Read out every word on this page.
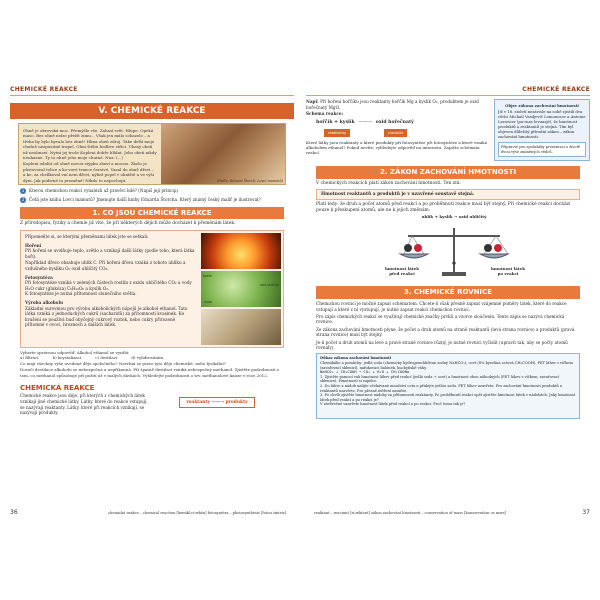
CHEMICKÉ REAKCE
V. CHEMICKÉ REAKCE
Ohně je obrovská moc. Přemýšle vše. Zahasí svět. Hlupe. Opeká maso. Bez ohně nelze přežít zimu... Však jen málo schazelo – a třeba by bylo byvalo bez ohně! Hlina oheň zdroj. Take delší moje chuťně nezpusitné trapel. Ohni štěbu bedlive stříci. Uhasý oheň už neobnoví. Nytni jej troše Kopleni dobře hlídat. Jeho oheň nikdy neuhasne. Ty to ohně jeho moje chutné. Nuz: (...)
Kopleni odoltá od ohně novou stýpku zbaví a mocno. Zkolo je půstovoval tolice a ko-vové trnece čerstvé. Vazal do ohně dřevi – a ke, za chvílkoval vní neni dřevi, nýbrž popel v ohniště a ve výši dým. Jak podivné to proměné! Nikdo to nepochopí.	(Podle: Eduard Štorch: Lovci mamutů)
1	Kterou chemickou reakci vynalézli už pravěcí lidé? (Napiš její princip)
2	Četli jste knihu Lovci mamutů? Jmenujte další knihy Eduarda Štorcha. Který známý český malíř je ilustroval?
1. CO JSOU CHEMICKÉ REAKCE
Z přírodopisu, fyziky a chemie již víte, že při některých dějích může docházet k přeměnám látek.
Připomeňte si, se kterými přeměnami látek jste se setkali:
Hoření
Při hoření se uvolňuje teplo, světlo a vznikají další látky (podle toho, která látka hoří).
Například dřevo obsahuje uhlík C. Při hoření dřeva vzniká z tohoto uhlíku a vzdušného kyslíku O₂ oxid uhličitý CO₂.
Fotosyntéza
Při fotosyntéze vzniká v zelených částech rostlin z oxidu uhličitého CO₂ a vody H₂O cukr (glukóza) C₆H₁₂O₆ a kyslík O₂.
K fotosyntéze je nutná přítomnost slunečního světla.
Výroba alkoholu
Základní surovinou pro výrobu alkoholických nápojů je alkohol ethanol. Tato látka vzniká z jednoduchých cukrů (sacharidů) za přítomnosti kvasinek. Ke kvašení se používá buď obyčejný cukrový roztok, nebo cukry přirozeně přítomné v ovoci, hroznech a dalších látek.
kyslík
oxid uhličitý
voda
Vyberte správnou odpověď: Alkohol ethanol se vyrábí:
a) filtrací	b) krystalizací	c) destilací	d) vyhdrováním
Co mají všechny výše uvedené děje společného? Navrhni se proto tyto děje chemické, nebo fyzikální?
Doručí destilace alkoholu se nebezpečná a nepřikonná. Při špatně destilaci vzniká nebezpečný methanol. Zjistěte podrobnosti o tom, co methanol způsobuje při požití už v malých dávkách. Vyhledejte podrobnosti o tzv. methanolové kauze v roce 2012.
CHEMICKÁ REAKCE
Chemické reakce jsou děje, při kterých z chemických látek vznikají jiné chemické látky. Látky, které do reakce vstupují, se nazývají reaktanty. Látky, které při reakcích vznikají, se nazývají produkty.
reaktanty ——→ produkty
36	chemická reakce – chemical reaction [kemikl ri:ækšn] fotosyntéza – photosynthesis [fotou sintsis]
CHEMICKÉ REAKCE
Např. Při hoření hořčíku jsou reaktanty hořčík Mg a kyslík O₂, produktem je oxid hořečnatý MgO.
Schema reakce:
hořčík + kyslík ——→ oxid hořečnatý
reaktanty	produkt
Které látky jsou reaktanty a které produkty při fotosyntéze při fotosyntéze a které vzniká alkoholem ethanol? Pokud nevíte, vyhledejte odpověď na internetu. Zapište schémata reakcí.
Objev zákona zachování hmotnosti
Již v 18. století nezávisle na sobě zjistili dva vědci Michail Vasiljevič Lomonosov a Antoine Lavoisier (pa-ruas levuazjé), že hmotnost produktů a reaktantů je stejná. Tím byl objeven důležitý přírodní zákon – zákon zachování hmotnosti.
Připravte pro spolužáky prezentaci o životě dvou výše zmíněných vědců.
2. ZÁKON ZACHOVÁNÍ HMOTNOSTI
V chemických reakcích platí zákon zachování hmotnosti. Ten zní:
Hmotnost reaktantů a produktů je v uzavřené soustavě stejná.
Platí tedy: že druh a počet atomů před reakcí a po proběhnutí reakce musí být stejný. Při chemické reakci dochází pouze k přeskupení atomů, ale ne k jejich změnám.
uhlík + kyslík → oxid uhličitý
hmotnost látek před reakcí
=
hmotnost látek po reakci
3. CHEMICKÉ ROVNICE
Chemickou rovnicí je možné zapsat schématem. Chcete-li však přesně zapsat vzájemné poměry látek, které do reakce vstupují a které z ní vystupují, je nutné zapsat reakci chemickou rovnicí.
Pro zápis chemických reakcí se využívají chemické značky prvků a vzorce sloučenin. Tento zápis se nazývá chemická rovnice.
Ze zákona zachování hmotnosti plyne, že počet a druh atomů na straně reaktantů (levá strana rovnice) a produktů (pravá strana rovnice) musí být stejný.
Je-li počet a druh atomů na levé a pravé straně rovnice různý, je nutné rovnici vyčíslit (upravit tak, aby se počty atomů rovnaly).
Důkaz zákona zachování hmotnosti
Chemikálie a pomůcky: jedlá soda (chemicky hydrogenuhličitan sodný NaHCO₃), ocet (8% kyselina octová CH₃COOH), PET láhev s víčkem (zavařovací sklenicí), nafukovací balónek, kuchyňské váhy.
NaHCO₃ + CH₃COOH → CO₂ + H₂O + CH₃COONa
1. Zjistěte pomocí vah hmotnost láhev před reakcí (jedlá soda + ocet) a hmotnost obou náhodných (PET láhev s víčkem, zavařovací sklenice). Hmotnosti si zapište.
2. Do láhve z nádob nalijte očekávané množství octa a přidejte jedlou sodu. PET láhev uzavřete. Pro zachování hmotnosti produktů a reaktantů uzavřete. Pro přesné měření zasuňte.
3. Po chvíli zjistěte hmotnost nádoby za přítomnosti reaktanty. Po proběhnutí reakci opět zjistěte hmotnost látek v nádobách. Jaký hmotnost látek před reakcí a po reakci je?
V závěrečné uzavřete hmotnost látek před reakcí a po reakci. Proč tomu tak je?
reaktant – reactant [ri:æktənt] zákon zachování hmotnosti – conservation of mass [konzərveišən ov mæs]	37
